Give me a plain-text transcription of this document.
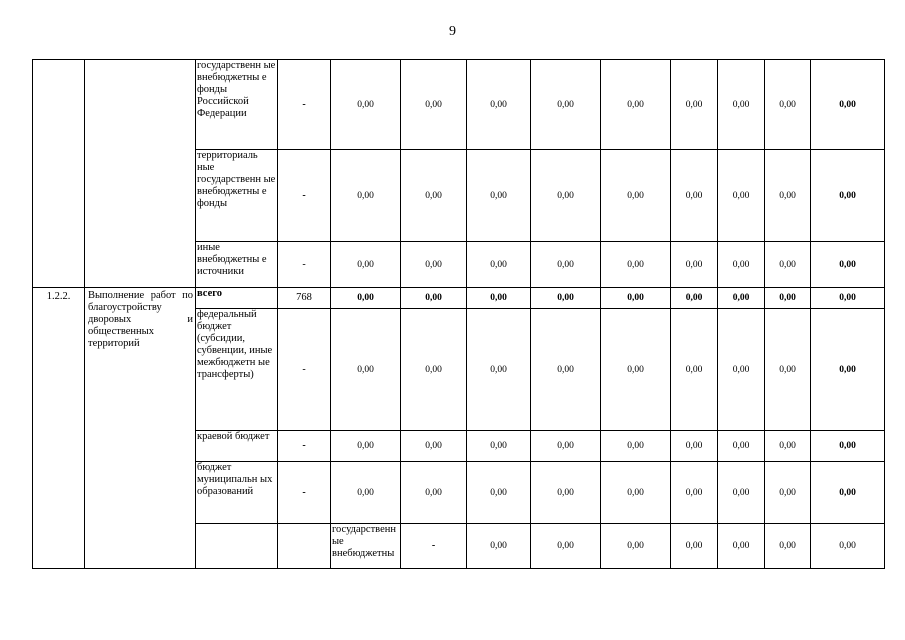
9
		государственн ые внебюджетны е фонды Российской Федерации	-	0,00	0,00	0,00	0,00	0,00	0,00	0,00	0,00	0,00	
		территориаль ные государственн ые внебюджетны е фонды	-	0,00	0,00	0,00	0,00	0,00	0,00	0,00	0,00	0,00	
		иные внебюджетны е источники	-	0,00	0,00	0,00	0,00	0,00	0,00	0,00	0,00	0,00	
1.2.2.	Выполнение работ по благоустройству дворовых и общественных территорий	всего	768	0,00	0,00	0,00	0,00	0,00	0,00	0,00	0,00	0,00	
		федеральный бюджет (субсидии, субвенции, иные межбюджетн ые трансферты)	-	0,00	0,00	0,00	0,00	0,00	0,00	0,00	0,00	0,00	
		краевой бюджет	-	0,00	0,00	0,00	0,00	0,00	0,00	0,00	0,00	0,00	
		бюджет муниципальн ых образований	-	0,00	0,00	0,00	0,00	0,00	0,00	0,00	0,00	0,00	
				государственн ые внебюджетны	-	0,00	0,00	0,00	0,00	0,00	0,00	0,00		
